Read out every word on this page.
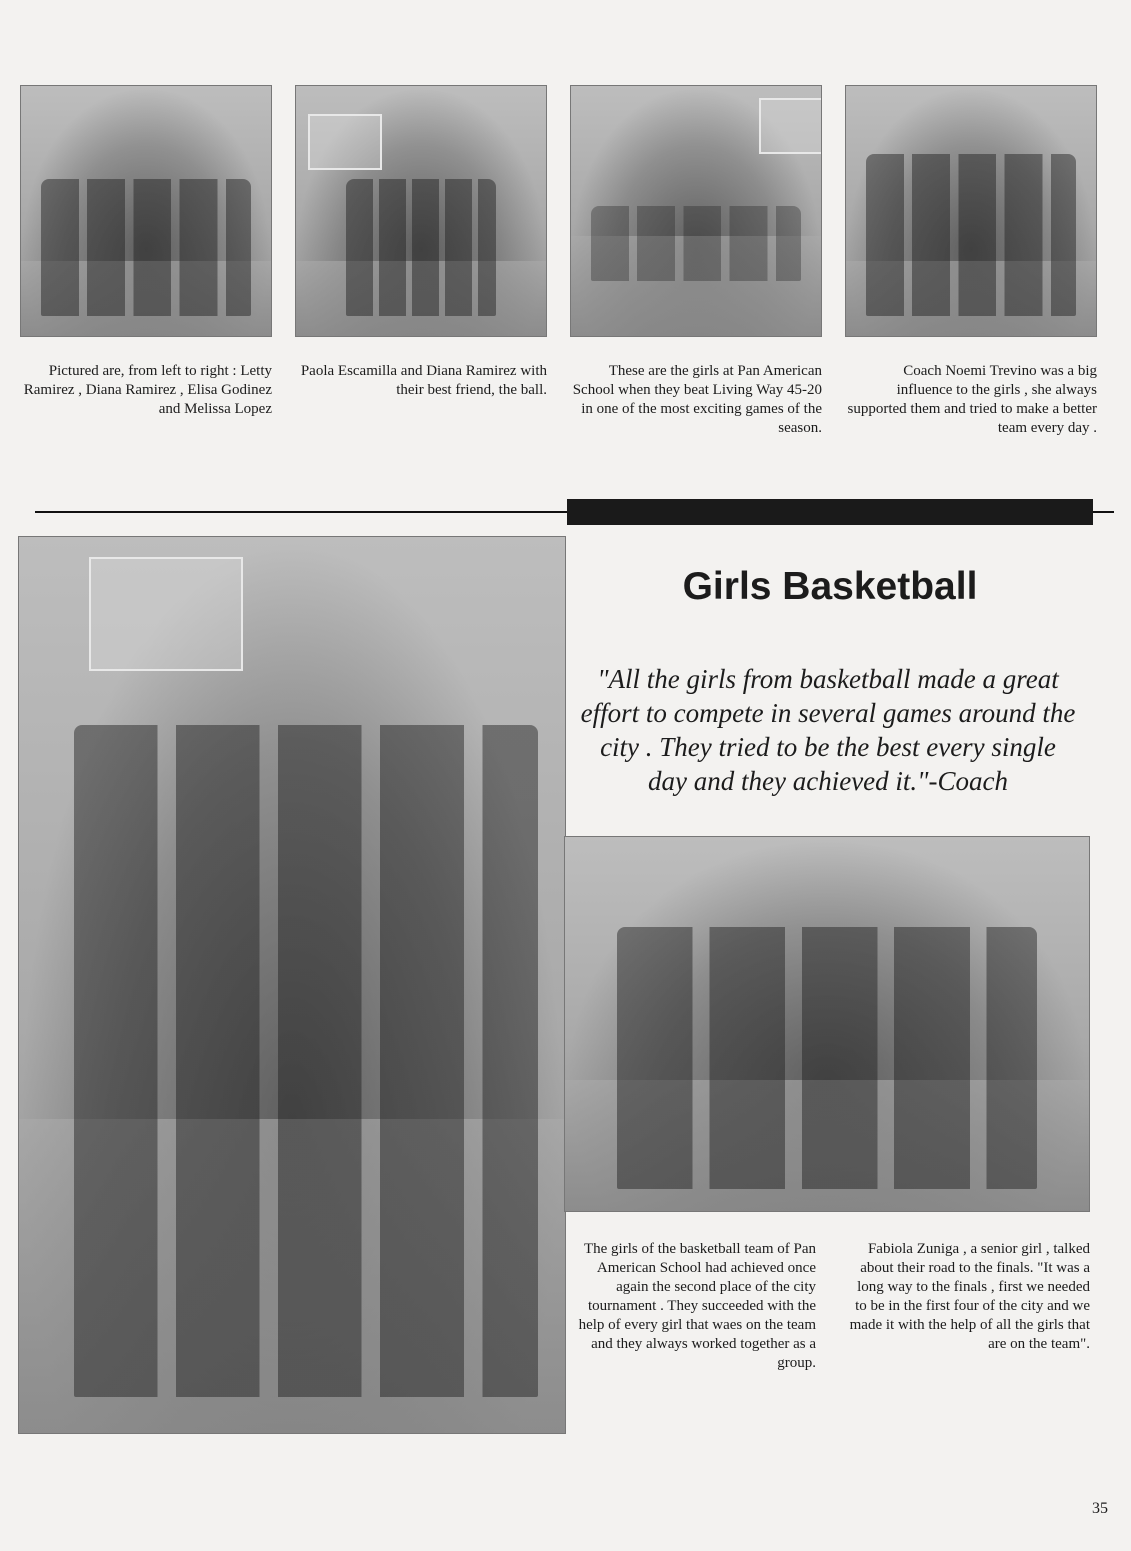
Pictured are, from left to right : Letty Ramirez , Diana Ramirez , Elisa Godinez and Melissa Lopez

Paola Escamilla and Diana Ramirez with their best friend, the ball.

These are the girls at Pan American School when they beat Living Way 45-20 in one of the most exciting games of the season.

Coach Noemi Trevino was a big influence to the girls , she always supported them and tried to make a better team every day .

Girls Basketball

"All the girls from basketball made a great effort to compete in several games around the city . They tried to be the best every single day and they achieved it."-Coach

The girls of the basketball team of Pan American School had achieved once again the second place of the city tournament . They succeeded with the help of every girl that waes on the team and they always worked together as a group.

Fabiola Zuniga , a senior girl , talked about their road to the finals. "It was a long way to the finals , first we needed to be in the first four of the city and we made it with the help of all the girls that are on the team".

35
